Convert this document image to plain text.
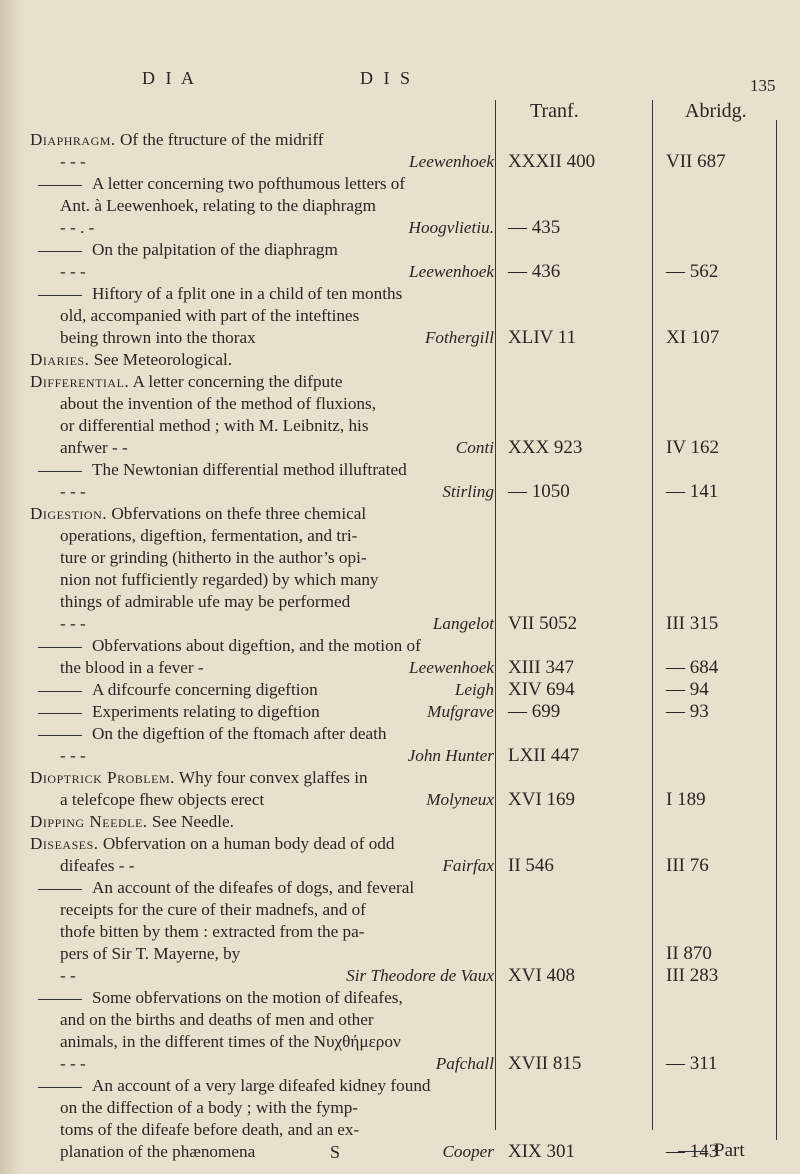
D I A	D I S	135
Tranf.	Abridg.
Diaphragm. Of the ftructure of the midriff
- - -	Leewenhoek XXXII 400	VII 687
A letter concerning two pofthumous letters of
Ant. à Leewenhoek, relating to the diaphragm
- - . -	Hoogvlietiu. — 435
On the palpitation of the diaphragm
- - -	Leewenhoek — 436	— 562
Hiftory of a fplit one in a child of ten months
old, accompanied with part of the inteftines
being thrown into the thorax	Fothergill XLIV 11	XI 107
Diaries. See Meteorological.
Differential. A letter concerning the difpute
about the invention of the method of fluxions,
or differential method ; with M. Leibnitz, his
anfwer - -	Conti XXX 923	IV 162
The Newtonian differential method illuftrated
- - -	Stirling — 1050	— 141
Digestion. Obfervations on thefe three chemical
operations, digeftion, fermentation, and tri-
ture or grinding (hitherto in the author’s opi-
nion not fufficiently regarded) by which many
things of admirable ufe may be performed
- - -	Langelot VII 5052	III 315
Obfervations about digeftion, and the motion of
the blood in a fever -	Leewenhoek XIII 347	— 684
A difcourfe concerning digeftion	Leigh XIV 694	— 94
Experiments relating to digeftion	Mufgrave — 699	— 93
On the digeftion of the ftomach after death
- - -	John Hunter LXII 447
Dioptrick Problem. Why four convex glaffes in
a telefcope fhew objects erect	Molyneux XVI 169	I 189
Dipping Needle. See Needle.
Diseases. Obfervation on a human body dead of odd
difeafes - -	Fairfax II 546	III 76
An account of the difeafes of dogs, and feveral
receipts for the cure of their madnefs, and of
thofe bitten by them : extracted from the pa-
pers of Sir T. Mayerne, by	II 870
- -	Sir Theodore de Vaux XVI 408	III 283
Some obfervations on the motion of difeafes,
and on the births and deaths of men and other
animals, in the different times of the Νυχθήμερον
- - -	Pafchall XVII 815	— 311
An account of a very large difeafed kidney found
on the diffection of a body ; with the fymp-
toms of the difeafe before death, and an ex-
planation of the phænomena	Cooper XIX 301	— 143
S	Part
